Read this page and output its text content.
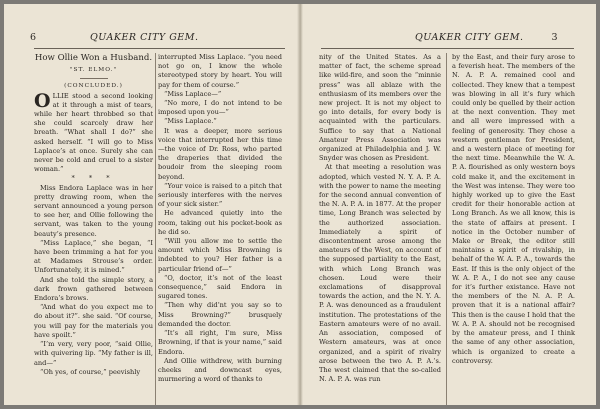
6	QUAKER CITY GEM.
How Ollie Won a Husband.

"ST. ELMO."

(CONCLUDED.)

OLLIE stood a second looking at it through a mist of tears, while her heart throbbed so that she could scarcely draw her breath. “What shall I do?” she asked herself. “I will go to Miss Laplace’s at once. Surely she can never be cold and cruel to a sister woman.”

* * *

Miss Endora Laplace was in her pretty drawing room, when the servant announced a young person to see her, and Ollie following the servant, was taken to the young beauty’s presence.

“Miss Laplace,” she began, “I have been trimming a hat for you at Madames Strouse’s order. Unfortunately, it is mined.”

And she told the simple story, a dark frown gathered between Endora’s brows.

“And what do you expect me to do about it?”. she said. “Of course, you will pay for the materials you have spoilt.”

“I’m very, very poor, “said Ollie, with quivering lip. “My father is ill, and—”

“Oh yes, of course,” peevishly

interrupted Miss Laplace. “you need not go on, I know the whole stereotyped story by heart. You will pay for them of course.”

“Miss Laplace—”

“No more, I do not intend to be imposed upon you—”

“Miss Laplace.”

It was a deeper, more serious voice that interrupted her this time—the voice of Dr. Ross, who parted the draperies that divided the boudoir from the sleeping room beyond.

“Your voice is raised to a pitch that seriously interferes with the nerves of your sick sister.”

He advanced quietly into the room, taking out his pocket-book as he did so.

“Will you allow me to settle the amount which Miss Browning is indebted to you? Her father is a particular friend of—”

“O, doctor, it’s not of the least consequence,” said Endora in sugared tones.

“Then why did’nt you say so to Miss Browning?” brusquely demanded the doctor.

“It’s all right, I’m sure, Miss Browning, if that is your name,” said Endora.

And Ollie withdrew, with burning cheeks and downcast eyes, murmering a word of thanks to

QUAKER CITY GEM.	3

nity of the United States. As a matter of fact, the scheme spread like wild-fire, and soon the “minnie press” was all ablaze with the enthusiasm of its members over the new project. It is not my object to go into details, for every body is acquainted with the particulars. Suffice to say that a National Amateur Press Association was organized at Philadelphia and J. W. Snyder was chosen as President.

At that meeting a resolution was adopted, which vested N. Y. A. P. A. with the power to name the meeting for the second annual convention of the N. A. P. A. in 1877. At the proper time, Long Branch was selected by the authorized association. Immediately a spirit of discontentment arose among the amateurs of the West, on account of the supposed partiality to the East, with which Long Branch was chosen. Loud were their exclamations of disapproval towards the action, and the N. Y. A. P. A. was denounced as a fraudulent institution. The protestations of the Eastern amateurs were of no avail. An association, composed of Western amateurs, was at once organized, and a spirit of rivalry arose between the two A. P. A.’s. The west claimed that the so-called N. A. P. A. was run

by the East, and their fury arose to a feverish heat. The members of the N. A. P. A. remained cool and collected. They knew that a tempest was blowing in all it’s fury which could only be quelled by their action at the next convention. They met and all were impressed with a feeling of generosity. They chose a western gentleman for President, and a western place of meeting for the next time. Meanwhile the W. A. P. A. flourished as only western boys cold make it, and the excitement in the West was intense. They were too highly worked up to give the East credit for their honorable action at Long Branch. As we all know, this is the state of affairs at present. I notice in the October number of Make or Break, the editor still maintains a spirit of rivalship, in behalf of the W. A. P. A., towards the East. If this is the only object of the W. A. P. A., I do not see any cause for it’s further existance. Have not the members of the N. A. P. A. proven that it is a national affair? This then is the cause I hold that the W. A. P. A. should not be recognised by the amateur press, and I think the same of any other association, which is organized to create a controversy.
